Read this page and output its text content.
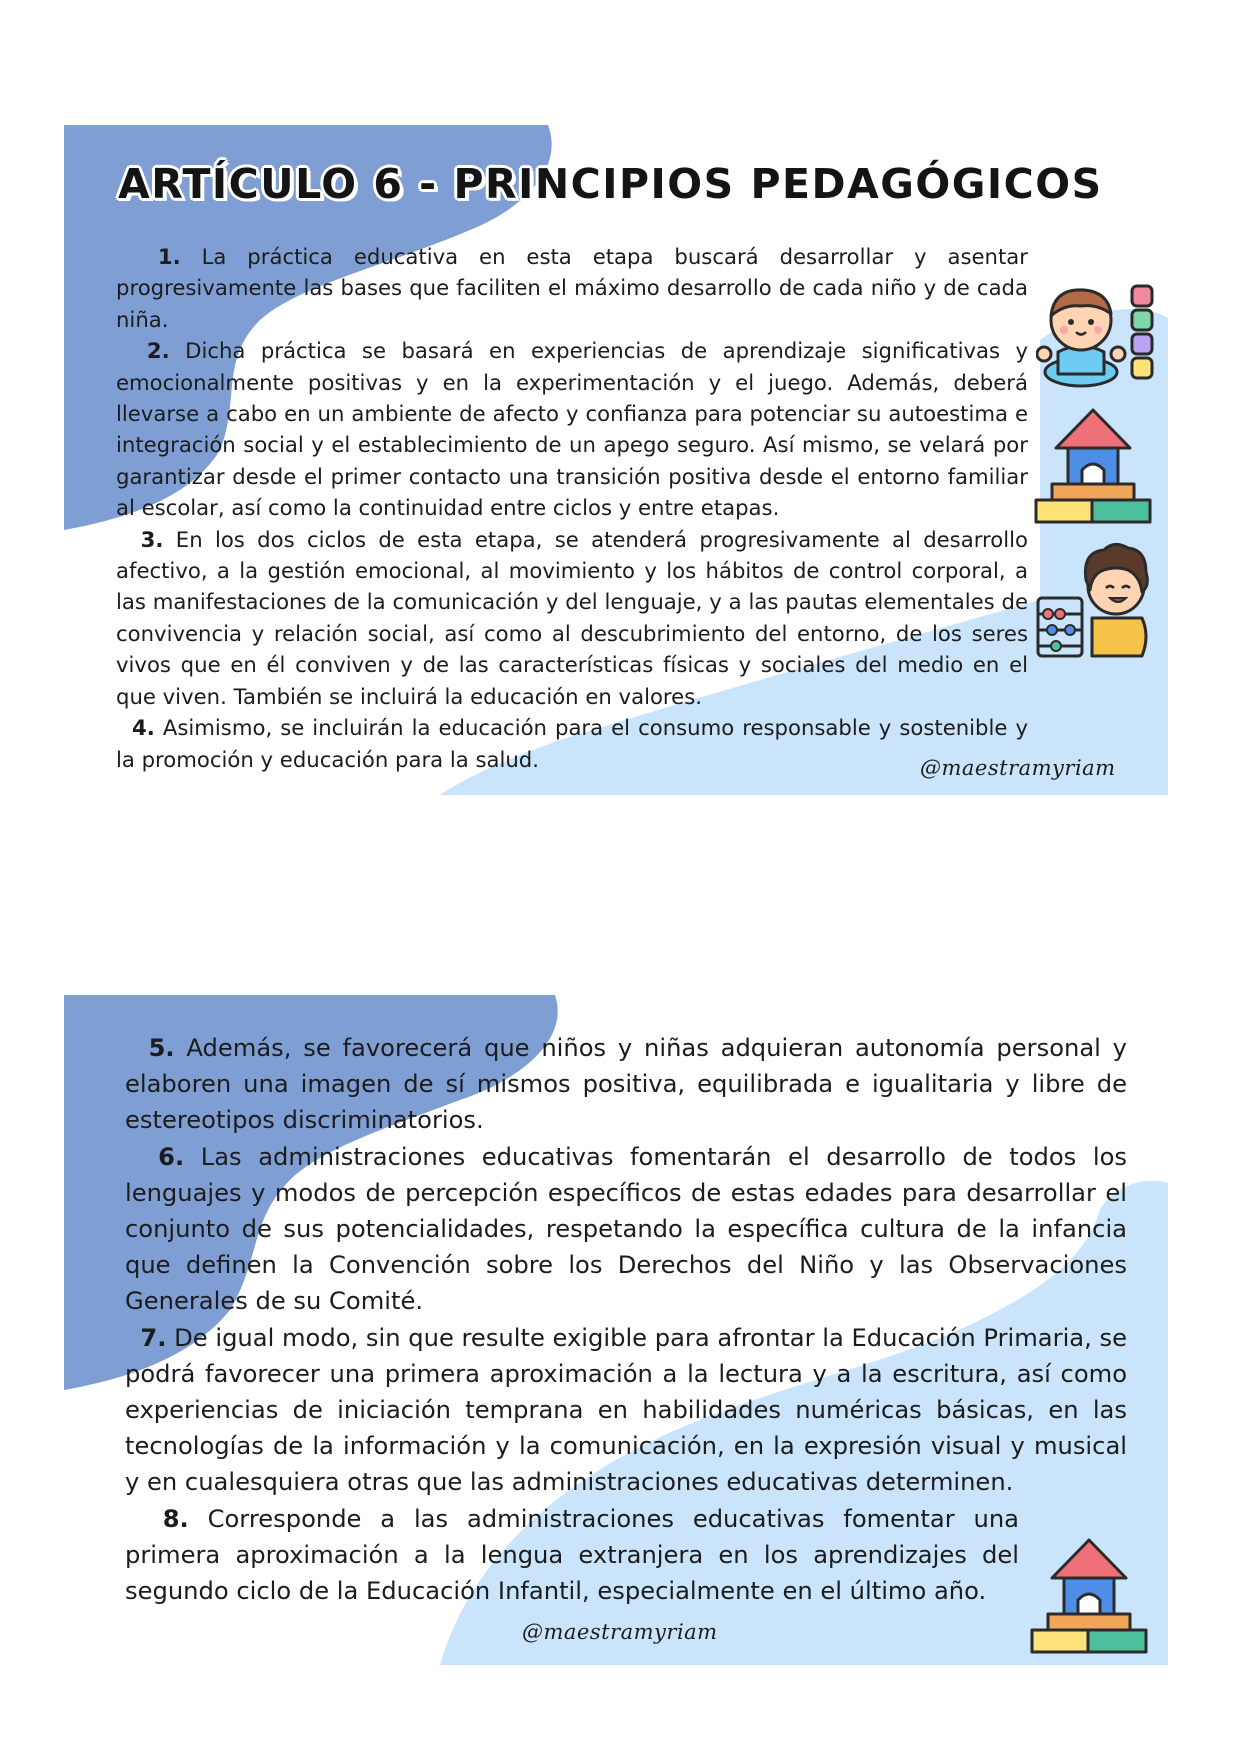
ARTÍCULO 6 - PRINCIPIOS PEDAGÓGICOS

1. La práctica educativa en esta etapa buscará desarrollar y asentar progresivamente las bases que faciliten el máximo desarrollo de cada niño y de cada niña.

2. Dicha práctica se basará en experiencias de aprendizaje significativas y emocionalmente positivas y en la experimentación y el juego. Además, deberá llevarse a cabo en un ambiente de afecto y confianza para potenciar su autoestima e integración social y el establecimiento de un apego seguro. Así mismo, se velará por garantizar desde el primer contacto una transición positiva desde el entorno familiar al escolar, así como la continuidad entre ciclos y entre etapas.

3. En los dos ciclos de esta etapa, se atenderá progresivamente al desarrollo afectivo, a la gestión emocional, al movimiento y los hábitos de control corporal, a las manifestaciones de la comunicación y del lenguaje, y a las pautas elementales de convivencia y relación social, así como al descubrimiento del entorno, de los seres vivos que en él conviven y de las características físicas y sociales del medio en el que viven. También se incluirá la educación en valores.

4. Asimismo, se incluirán la educación para el consumo responsable y sostenible y la promoción y educación para la salud.	@maestramyriam

5. Además, se favorecerá que niños y niñas adquieran autonomía personal y elaboren una imagen de sí mismos positiva, equilibrada e igualitaria y libre de estereotipos discriminatorios.

6. Las administraciones educativas fomentarán el desarrollo de todos los lenguajes y modos de percepción específicos de estas edades para desarrollar el conjunto de sus potencialidades, respetando la específica cultura de la infancia que definen la Convención sobre los Derechos del Niño y las Observaciones Generales de su Comité.

7. De igual modo, sin que resulte exigible para afrontar la Educación Primaria, se podrá favorecer una primera aproximación a la lectura y a la escritura, así como experiencias de iniciación temprana en habilidades numéricas básicas, en las tecnologías de la información y la comunicación, en la expresión visual y musical y en cualesquiera otras que las administraciones educativas determinen.

8. Corresponde a las administraciones educativas fomentar una primera aproximación a la lengua extranjera en los aprendizajes del segundo ciclo de la Educación Infantil, especialmente en el último año.

@maestramyriam
